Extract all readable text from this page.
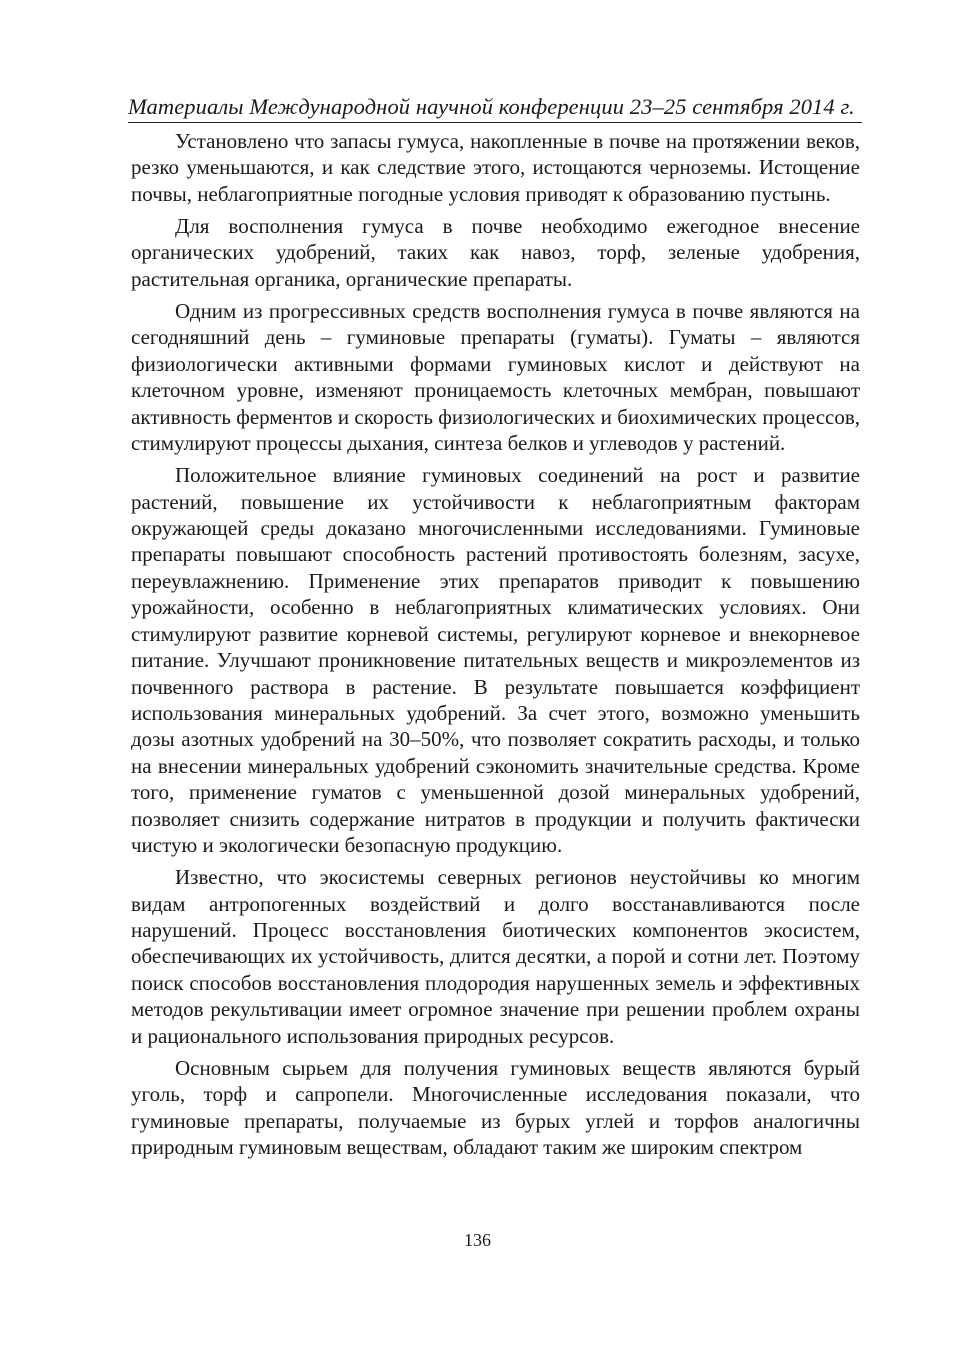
Материалы Международной научной конференции 23–25 сентября 2014 г.

Установлено что запасы гумуса, накопленные в почве на протяжении веков, резко уменьшаются, и как следствие этого, истощаются черноземы. Истощение почвы, неблагоприятные погодные условия приводят к образованию пустынь.

Для восполнения гумуса в почве необходимо ежегодное внесение органических удобрений, таких как навоз, торф, зеленые удобрения, растительная органика, органические препараты.

Одним из прогрессивных средств восполнения гумуса в почве являются на сегодняшний день – гуминовые препараты (гуматы). Гуматы – являются физиологически активными формами гуминовых кислот и действуют на клеточном уровне, изменяют проницаемость клеточных мембран, повышают активность ферментов и скорость физиологических и биохимических процессов, стимулируют процессы дыхания, синтеза белков и углеводов у растений.

Положительное влияние гуминовых соединений на рост и развитие растений, повышение их устойчивости к неблагоприятным факторам окружающей среды доказано многочисленными исследованиями. Гуминовые препараты повышают способность растений противостоять болезням, засухе, переувлажнению. Применение этих препаратов приводит к повышению урожайности, особенно в неблагоприятных климатических условиях. Они стимулируют развитие корневой системы, регулируют корневое и внекорневое питание. Улучшают проникновение питательных веществ и микроэлементов из почвенного раствора в растение. В результате повышается коэффициент использования минеральных удобрений. За счет этого, возможно уменьшить дозы азотных удобрений на 30–50%, что позволяет сократить расходы, и только на внесении минеральных удобрений сэкономить значительные средства. Кроме того, применение гуматов с уменьшенной дозой минеральных удобрений, позволяет снизить содержание нитратов в продукции и получить фактически чистую и экологически безопасную продукцию.

Известно, что экосистемы северных регионов неустойчивы ко многим видам антропогенных воздействий и долго восстанавливаются после нарушений. Процесс восстановления биотических компонентов экосистем, обеспечивающих их устойчивость, длится десятки, а порой и сотни лет. Поэтому поиск способов восстановления плодородия нарушенных земель и эффективных методов рекультивации имеет огромное значение при решении проблем охраны и рационального использования природных ресурсов.

Основным сырьем для получения гуминовых веществ являются бурый уголь, торф и сапропели. Многочисленные исследования показали, что гуминовые препараты, получаемые из бурых углей и торфов аналогичны природным гуминовым веществам, обладают таким же широким спектром

136
